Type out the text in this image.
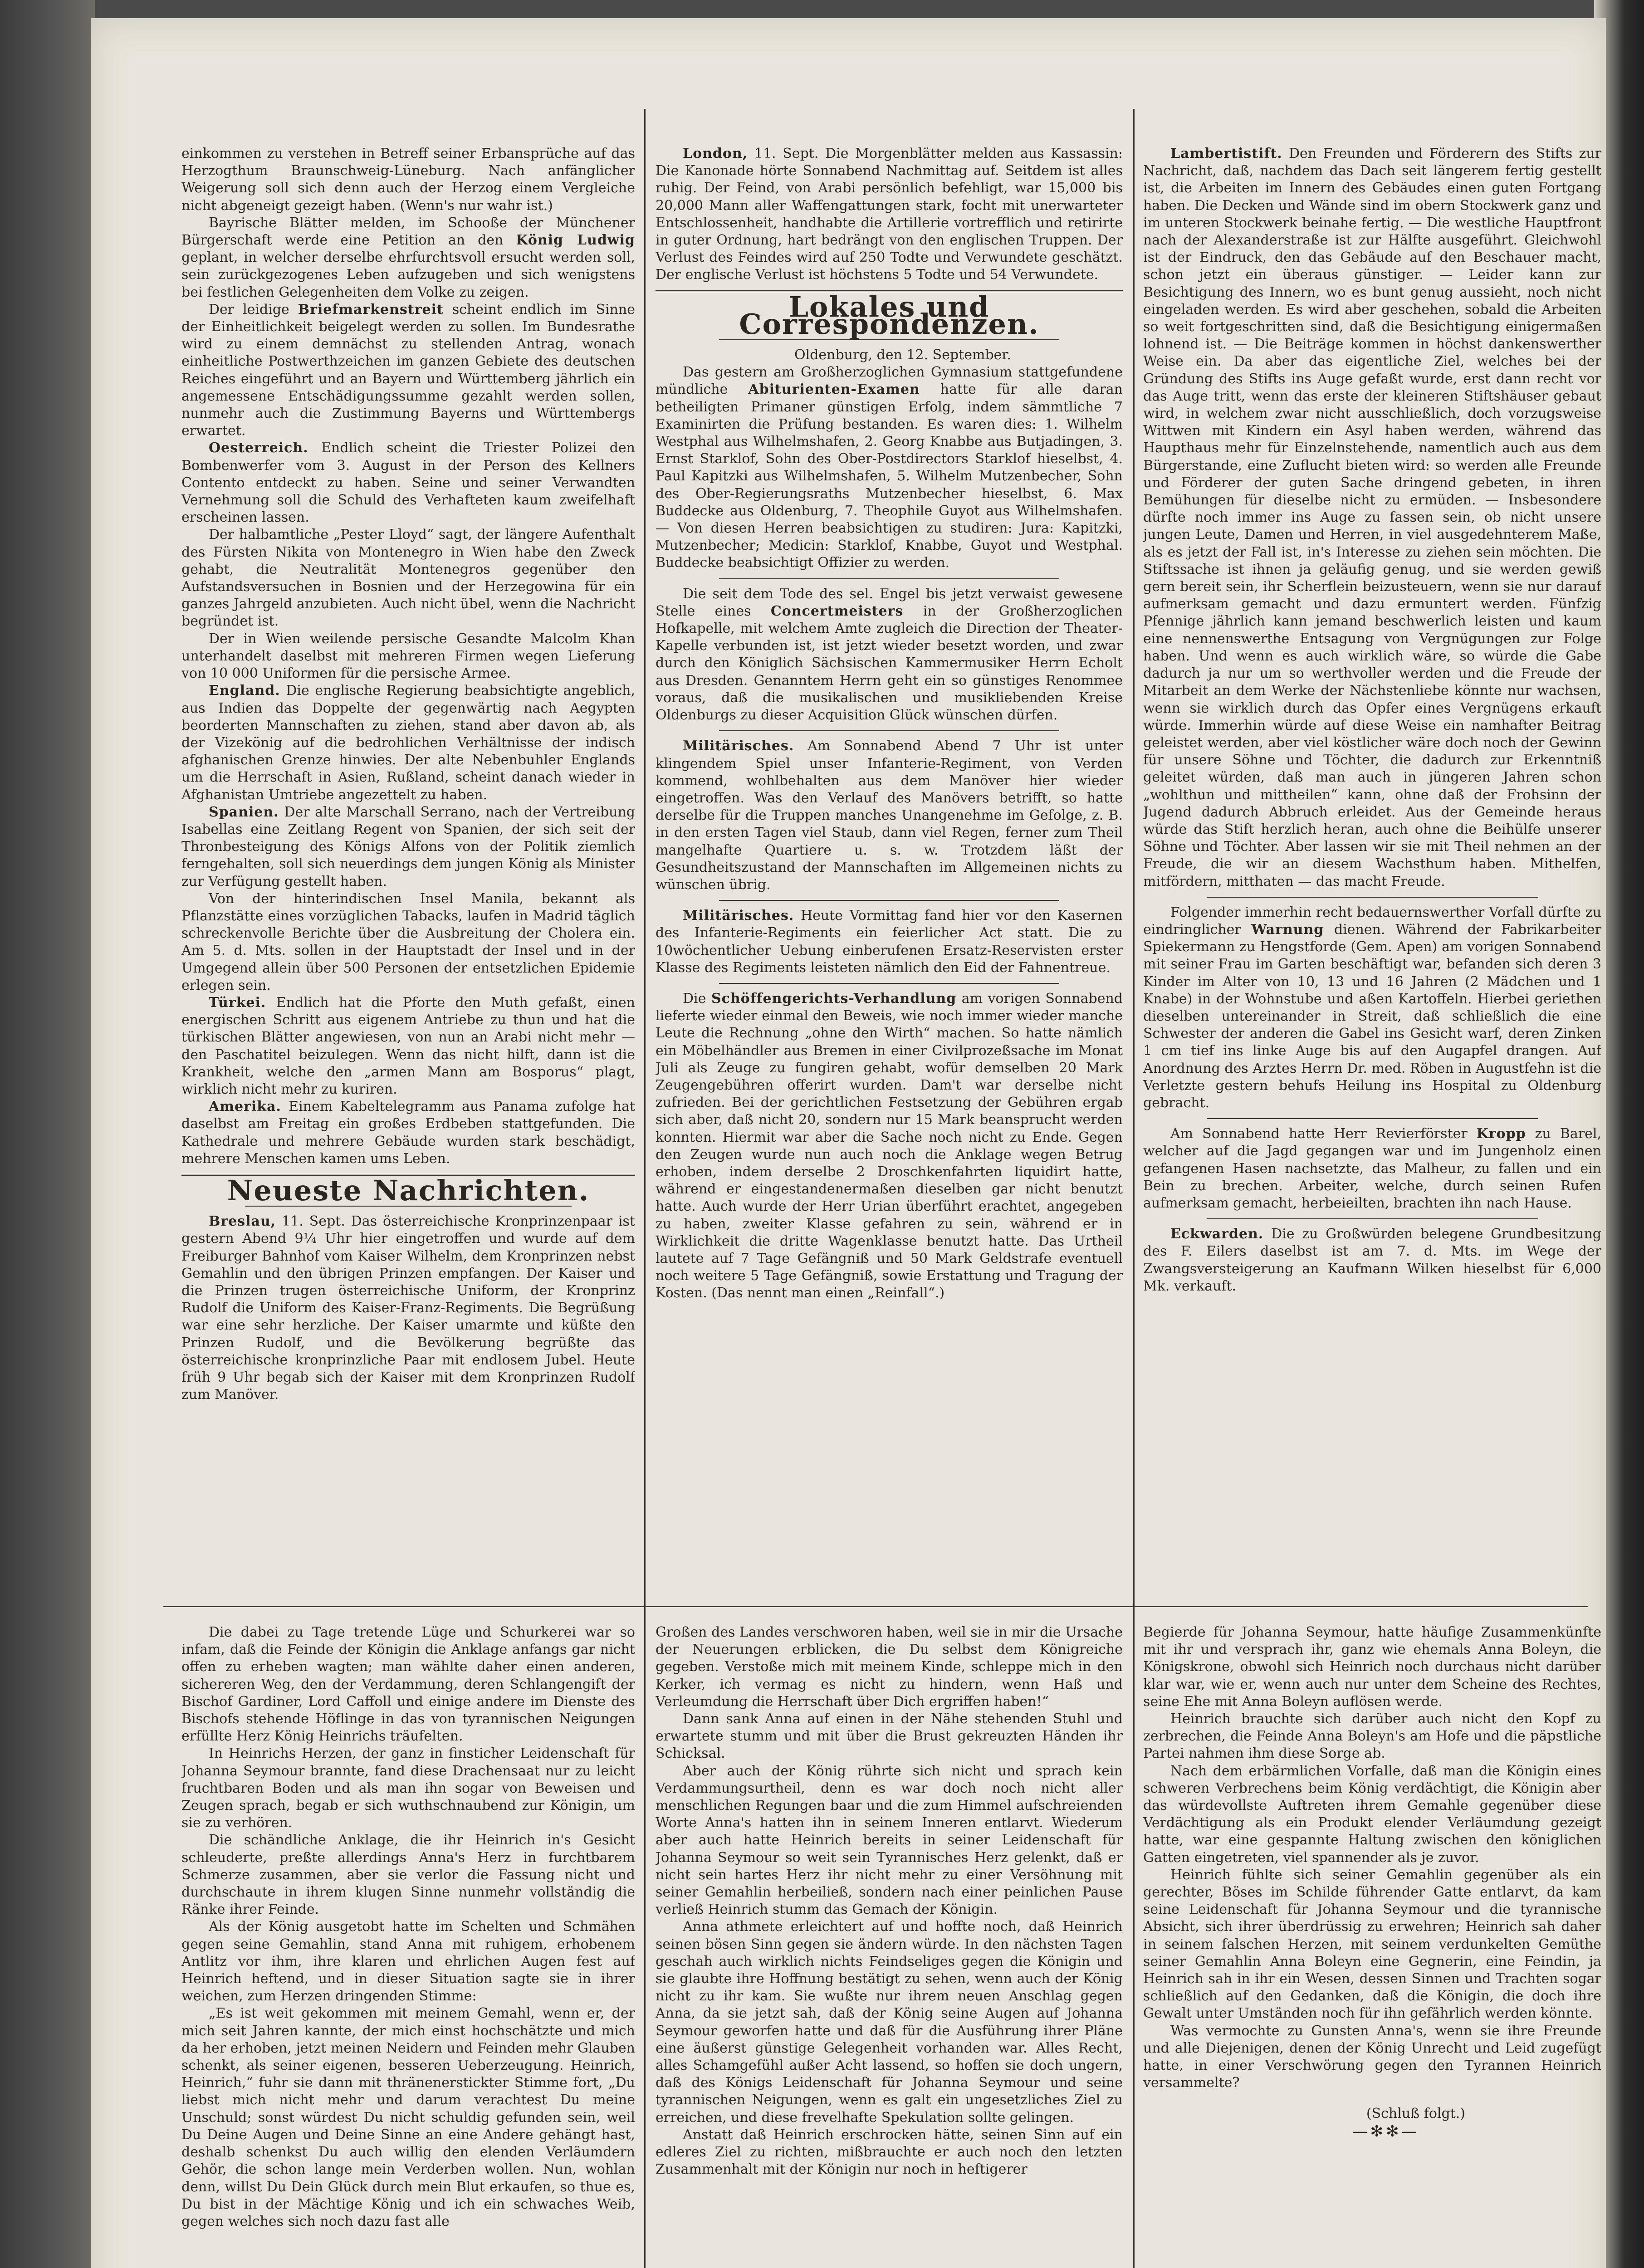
einkommen zu verstehen in Betreff seiner Erbansprüche auf das Herzogthum Braunschweig-Lüneburg. Nach anfänglicher Weigerung soll sich denn auch der Herzog einem Vergleiche nicht abgeneigt gezeigt haben. (Wenn's nur wahr ist.)

Bayrische Blätter melden, im Schooße der Münchener Bürgerschaft werde eine Petition an den König Ludwig geplant, in welcher derselbe ehrfurchtsvoll ersucht werden soll, sein zurückgezogenes Leben aufzugeben und sich wenigstens bei festlichen Gelegenheiten dem Volke zu zeigen.

Der leidige Briefmarkenstreit scheint endlich im Sinne der Einheitlichkeit beigelegt werden zu sollen. Im Bundesrathe wird zu einem demnächst zu stellenden Antrag, wonach einheitliche Postwerthzeichen im ganzen Gebiete des deutschen Reiches eingeführt und an Bayern und Württemberg jährlich ein angemessene Entschädigungssumme gezahlt werden sollen, nunmehr auch die Zustimmung Bayerns und Württembergs erwartet.

Oesterreich. Endlich scheint die Triester Polizei den Bombenwerfer vom 3. August in der Person des Kellners Contento entdeckt zu haben. Seine und seiner Verwandten Vernehmung soll die Schuld des Verhafteten kaum zweifelhaft erscheinen lassen.

Der halbamtliche „Pester Lloyd“ sagt, der längere Aufenthalt des Fürsten Nikita von Montenegro in Wien habe den Zweck gehabt, die Neutralität Montenegros gegenüber den Aufstandsversuchen in Bosnien und der Herzegowina für ein ganzes Jahrgeld anzubieten. Auch nicht übel, wenn die Nachricht begründet ist.

Der in Wien weilende persische Gesandte Malcolm Khan unterhandelt daselbst mit mehreren Firmen wegen Lieferung von 10 000 Uniformen für die persische Armee.

England. Die englische Regierung beabsichtigte angeblich, aus Indien das Doppelte der gegenwärtig nach Aegypten beorderten Mannschaften zu ziehen, stand aber davon ab, als der Vizekönig auf die bedrohlichen Verhältnisse der indisch afghanischen Grenze hinwies. Der alte Nebenbuhler Englands um die Herrschaft in Asien, Rußland, scheint danach wieder in Afghanistan Umtriebe angezettelt zu haben.

Spanien. Der alte Marschall Serrano, nach der Vertreibung Isabellas eine Zeitlang Regent von Spanien, der sich seit der Thronbesteigung des Königs Alfons von der Politik ziemlich ferngehalten, soll sich neuerdings dem jungen König als Minister zur Verfügung gestellt haben.

Von der hinterindischen Insel Manila, bekannt als Pflanzstätte eines vorzüglichen Tabacks, laufen in Madrid täglich schreckenvolle Berichte über die Ausbreitung der Cholera ein. Am 5. d. Mts. sollen in der Hauptstadt der Insel und in der Umgegend allein über 500 Personen der entsetzlichen Epidemie erlegen sein.

Türkei. Endlich hat die Pforte den Muth gefaßt, einen energischen Schritt aus eigenem Antriebe zu thun und hat die türkischen Blätter angewiesen, von nun an Arabi nicht mehr — den Paschatitel beizulegen. Wenn das nicht hilft, dann ist die Krankheit, welche den „armen Mann am Bosporus“ plagt, wirklich nicht mehr zu kuriren.

Amerika. Einem Kabeltelegramm aus Panama zufolge hat daselbst am Freitag ein großes Erdbeben stattgefunden. Die Kathedrale und mehrere Gebäude wurden stark beschädigt, mehrere Menschen kamen ums Leben.

Neueste Nachrichten.

Breslau, 11. Sept. Das österreichische Kronprinzenpaar ist gestern Abend 9¼ Uhr hier eingetroffen und wurde auf dem Freiburger Bahnhof vom Kaiser Wilhelm, dem Kronprinzen nebst Gemahlin und den übrigen Prinzen empfangen. Der Kaiser und die Prinzen trugen österreichische Uniform, der Kronprinz Rudolf die Uniform des Kaiser-Franz-Regiments. Die Begrüßung war eine sehr herzliche. Der Kaiser umarmte und küßte den Prinzen Rudolf, und die Bevölkerung begrüßte das österreichische kronprinzliche Paar mit endlosem Jubel. Heute früh 9 Uhr begab sich der Kaiser mit dem Kronprinzen Rudolf zum Manöver.

London, 11. Sept. Die Morgenblätter melden aus Kassassin: Die Kanonade hörte Sonnabend Nachmittag auf. Seitdem ist alles ruhig. Der Feind, von Arabi persönlich befehligt, war 15,000 bis 20,000 Mann aller Waffengattungen stark, focht mit unerwarteter Entschlossenheit, handhabte die Artillerie vortrefflich und retirirte in guter Ordnung, hart bedrängt von den englischen Truppen. Der Verlust des Feindes wird auf 250 Todte und Verwundete geschätzt. Der englische Verlust ist höchstens 5 Todte und 54 Verwundete.

Lokales und Correspondenzen.

Oldenburg, den 12. September.

Das gestern am Großherzoglichen Gymnasium stattgefundene mündliche Abiturienten-Examen hatte für alle daran betheiligten Primaner günstigen Erfolg, indem sämmtliche 7 Examinirten die Prüfung bestanden. Es waren dies: 1. Wilhelm Westphal aus Wilhelmshafen, 2. Georg Knabbe aus Butjadingen, 3. Ernst Starklof, Sohn des Ober-Postdirectors Starklof hieselbst, 4. Paul Kapitzki aus Wilhelmshafen, 5. Wilhelm Mutzenbecher, Sohn des Ober-Regierungsraths Mutzenbecher hieselbst, 6. Max Buddecke aus Oldenburg, 7. Theophile Guyot aus Wilhelmshafen. — Von diesen Herren beabsichtigen zu studiren: Jura: Kapitzki, Mutzenbecher; Medicin: Starklof, Knabbe, Guyot und Westphal. Buddecke beabsichtigt Offizier zu werden.

Die seit dem Tode des sel. Engel bis jetzt verwaist gewesene Stelle eines Concertmeisters in der Großherzoglichen Hofkapelle, mit welchem Amte zugleich die Direction der Theater-Kapelle verbunden ist, ist jetzt wieder besetzt worden, und zwar durch den Königlich Sächsischen Kammermusiker Herrn Echolt aus Dresden. Genanntem Herrn geht ein so günstiges Renommee voraus, daß die musikalischen und musikliebenden Kreise Oldenburgs zu dieser Acquisition Glück wünschen dürfen.

Militärisches. Am Sonnabend Abend 7 Uhr ist unter klingendem Spiel unser Infanterie-Regiment, von Verden kommend, wohlbehalten aus dem Manöver hier wieder eingetroffen. Was den Verlauf des Manövers betrifft, so hatte derselbe für die Truppen manches Unangenehme im Gefolge, z. B. in den ersten Tagen viel Staub, dann viel Regen, ferner zum Theil mangelhafte Quartiere u. s. w. Trotzdem läßt der Gesundheitszustand der Mannschaften im Allgemeinen nichts zu wünschen übrig.

Militärisches. Heute Vormittag fand hier vor den Kasernen des Infanterie-Regiments ein feierlicher Act statt. Die zu 10wöchentlicher Uebung einberufenen Ersatz-Reservisten erster Klasse des Regiments leisteten nämlich den Eid der Fahnentreue.

Die Schöffengerichts-Verhandlung am vorigen Sonnabend lieferte wieder einmal den Beweis, wie noch immer wieder manche Leute die Rechnung „ohne den Wirth“ machen. So hatte nämlich ein Möbelhändler aus Bremen in einer Civilprozeßsache im Monat Juli als Zeuge zu fungiren gehabt, wofür demselben 20 Mark Zeugengebühren offerirt wurden. Dam't war derselbe nicht zufrieden. Bei der gerichtlichen Festsetzung der Gebühren ergab sich aber, daß nicht 20, sondern nur 15 Mark beansprucht werden konnten. Hiermit war aber die Sache noch nicht zu Ende. Gegen den Zeugen wurde nun auch noch die Anklage wegen Betrug erhoben, indem derselbe 2 Droschkenfahrten liquidirt hatte, während er eingestandenermaßen dieselben gar nicht benutzt hatte. Auch wurde der Herr Urian überführt erachtet, angegeben zu haben, zweiter Klasse gefahren zu sein, während er in Wirklichkeit die dritte Wagenklasse benutzt hatte. Das Urtheil lautete auf 7 Tage Gefängniß und 50 Mark Geldstrafe eventuell noch weitere 5 Tage Gefängniß, sowie Erstattung und Tragung der Kosten. (Das nennt man einen „Reinfall“.)

Lambertistift. Den Freunden und Förderern des Stifts zur Nachricht, daß, nachdem das Dach seit längerem fertig gestellt ist, die Arbeiten im Innern des Gebäudes einen guten Fortgang haben. Die Decken und Wände sind im obern Stockwerk ganz und im unteren Stockwerk beinahe fertig. — Die westliche Hauptfront nach der Alexanderstraße ist zur Hälfte ausgeführt. Gleichwohl ist der Eindruck, den das Gebäude auf den Beschauer macht, schon jetzt ein überaus günstiger. — Leider kann zur Besichtigung des Innern, wo es bunt genug aussieht, noch nicht eingeladen werden. Es wird aber geschehen, sobald die Arbeiten so weit fortgeschritten sind, daß die Besichtigung einigermaßen lohnend ist. — Die Beiträge kommen in höchst dankenswerther Weise ein. Da aber das eigentliche Ziel, welches bei der Gründung des Stifts ins Auge gefaßt wurde, erst dann recht vor das Auge tritt, wenn das erste der kleineren Stiftshäuser gebaut wird, in welchem zwar nicht ausschließlich, doch vorzugsweise Wittwen mit Kindern ein Asyl haben werden, während das Haupthaus mehr für Einzelnstehende, namentlich auch aus dem Bürgerstande, eine Zuflucht bieten wird: so werden alle Freunde und Förderer der guten Sache dringend gebeten, in ihren Bemühungen für dieselbe nicht zu ermüden. — Insbesondere dürfte noch immer ins Auge zu fassen sein, ob nicht unsere jungen Leute, Damen und Herren, in viel ausgedehnterem Maße, als es jetzt der Fall ist, in's Interesse zu ziehen sein möchten. Die Stiftssache ist ihnen ja geläufig genug, und sie werden gewiß gern bereit sein, ihr Scherflein beizusteuern, wenn sie nur darauf aufmerksam gemacht und dazu ermuntert werden. Fünfzig Pfennige jährlich kann jemand beschwerlich leisten und kaum eine nennenswerthe Entsagung von Vergnügungen zur Folge haben. Und wenn es auch wirklich wäre, so würde die Gabe dadurch ja nur um so werthvoller werden und die Freude der Mitarbeit an dem Werke der Nächstenliebe könnte nur wachsen, wenn sie wirklich durch das Opfer eines Vergnügens erkauft würde. Immerhin würde auf diese Weise ein namhafter Beitrag geleistet werden, aber viel köstlicher wäre doch noch der Gewinn für unsere Söhne und Töchter, die dadurch zur Erkenntniß geleitet würden, daß man auch in jüngeren Jahren schon „wohlthun und mittheilen“ kann, ohne daß der Frohsinn der Jugend dadurch Abbruch erleidet. Aus der Gemeinde heraus würde das Stift herzlich heran, auch ohne die Beihülfe unserer Söhne und Töchter. Aber lassen wir sie mit Theil nehmen an der Freude, die wir an diesem Wachsthum haben. Mithelfen, mitfördern, mitthaten — das macht Freude.

Folgender immerhin recht bedauernswerther Vorfall dürfte zu eindringlicher Warnung dienen. Während der Fabrikarbeiter Spiekermann zu Hengstforde (Gem. Apen) am vorigen Sonnabend mit seiner Frau im Garten beschäftigt war, befanden sich deren 3 Kinder im Alter von 10, 13 und 16 Jahren (2 Mädchen und 1 Knabe) in der Wohnstube und aßen Kartoffeln. Hierbei geriethen dieselben untereinander in Streit, daß schließlich die eine Schwester der anderen die Gabel ins Gesicht warf, deren Zinken 1 cm tief ins linke Auge bis auf den Augapfel drangen. Auf Anordnung des Arztes Herrn Dr. med. Röben in Augustfehn ist die Verletzte gestern behufs Heilung ins Hospital zu Oldenburg gebracht.

Am Sonnabend hatte Herr Revierförster Kropp zu Barel, welcher auf die Jagd gegangen war und im Jungenholz einen gefangenen Hasen nachsetzte, das Malheur, zu fallen und ein Bein zu brechen. Arbeiter, welche, durch seinen Rufen aufmerksam gemacht, herbeieilten, brachten ihn nach Hause.

Eckwarden. Die zu Großwürden belegene Grundbesitzung des F. Eilers daselbst ist am 7. d. Mts. im Wege der Zwangsversteigerung an Kaufmann Wilken hieselbst für 6,000 Mk. verkauft.

Die dabei zu Tage tretende Lüge und Schurkerei war so infam, daß die Feinde der Königin die Anklage anfangs gar nicht offen zu erheben wagten; man wählte daher einen anderen, sichereren Weg, den der Verdammung, deren Schlangengift der Bischof Gardiner, Lord Caffoll und einige andere im Dienste des Bischofs stehende Höflinge in das von tyrannischen Neigungen erfüllte Herz König Heinrichs träufelten.

In Heinrichs Herzen, der ganz in finsticher Leidenschaft für Johanna Seymour brannte, fand diese Drachensaat nur zu leicht fruchtbaren Boden und als man ihn sogar von Beweisen und Zeugen sprach, begab er sich wuthschnaubend zur Königin, um sie zu verhören.

Die schändliche Anklage, die ihr Heinrich in's Gesicht schleuderte, preßte allerdings Anna's Herz in furchtbarem Schmerze zusammen, aber sie verlor die Fassung nicht und durchschaute in ihrem klugen Sinne nunmehr vollständig die Ränke ihrer Feinde.

Als der König ausgetobt hatte im Schelten und Schmähen gegen seine Gemahlin, stand Anna mit ruhigem, erhobenem Antlitz vor ihm, ihre klaren und ehrlichen Augen fest auf Heinrich heftend, und in dieser Situation sagte sie in ihrer weichen, zum Herzen dringenden Stimme:

„Es ist weit gekommen mit meinem Gemahl, wenn er, der mich seit Jahren kannte, der mich einst hochschätzte und mich da her erhoben, jetzt meinen Neidern und Feinden mehr Glauben schenkt, als seiner eigenen, besseren Ueberzeugung. Heinrich, Heinrich,“ fuhr sie dann mit thränenerstickter Stimme fort, „Du liebst mich nicht mehr und darum verachtest Du meine Unschuld; sonst würdest Du nicht schuldig gefunden sein, weil Du Deine Augen und Deine Sinne an eine Andere gehängt hast, deshalb schenkst Du auch willig den elenden Verläumdern Gehör, die schon lange mein Verderben wollen. Nun, wohlan denn, willst Du Dein Glück durch mein Blut erkaufen, so thue es, Du bist in der Mächtige König und ich ein schwaches Weib, gegen welches sich noch dazu fast alle

Großen des Landes verschworen haben, weil sie in mir die Ursache der Neuerungen erblicken, die Du selbst dem Königreiche gegeben. Verstoße mich mit meinem Kinde, schleppe mich in den Kerker, ich vermag es nicht zu hindern, wenn Haß und Verleumdung die Herrschaft über Dich ergriffen haben!“

Dann sank Anna auf einen in der Nähe stehenden Stuhl und erwartete stumm und mit über die Brust gekreuzten Händen ihr Schicksal.

Aber auch der König rührte sich nicht und sprach kein Verdammungsurtheil, denn es war doch noch nicht aller menschlichen Regungen baar und die zum Himmel aufschreienden Worte Anna's hatten ihn in seinem Inneren entlarvt. Wiederum aber auch hatte Heinrich bereits in seiner Leidenschaft für Johanna Seymour so weit sein Tyrannisches Herz gelenkt, daß er nicht sein hartes Herz ihr nicht mehr zu einer Versöhnung mit seiner Gemahlin herbeiließ, sondern nach einer peinlichen Pause verließ Heinrich stumm das Gemach der Königin.

Anna athmete erleichtert auf und hoffte noch, daß Heinrich seinen bösen Sinn gegen sie ändern würde. In den nächsten Tagen geschah auch wirklich nichts Feindseliges gegen die Königin und sie glaubte ihre Hoffnung bestätigt zu sehen, wenn auch der König nicht zu ihr kam. Sie wußte nur ihrem neuen Anschlag gegen Anna, da sie jetzt sah, daß der König seine Augen auf Johanna Seymour geworfen hatte und daß für die Ausführung ihrer Pläne eine äußerst günstige Gelegenheit vorhanden war. Alles Recht, alles Schamgefühl außer Acht lassend, so hoffen sie doch ungern, daß des Königs Leidenschaft für Johanna Seymour und seine tyrannischen Neigungen, wenn es galt ein ungesetzliches Ziel zu erreichen, und diese frevelhafte Spekulation sollte gelingen.

Anstatt daß Heinrich erschrocken hätte, seinen Sinn auf ein edleres Ziel zu richten, mißbrauchte er auch noch den letzten Zusammenhalt mit der Königin nur noch in heftigerer

Begierde für Johanna Seymour, hatte häufige Zusammenkünfte mit ihr und versprach ihr, ganz wie ehemals Anna Boleyn, die Königskrone, obwohl sich Heinrich noch durchaus nicht darüber klar war, wie er, wenn auch nur unter dem Scheine des Rechtes, seine Ehe mit Anna Boleyn auflösen werde.

Heinrich brauchte sich darüber auch nicht den Kopf zu zerbrechen, die Feinde Anna Boleyn's am Hofe und die päpstliche Partei nahmen ihm diese Sorge ab.

Nach dem erbärmlichen Vorfalle, daß man die Königin eines schweren Verbrechens beim König verdächtigt, die Königin aber das würdevollste Auftreten ihrem Gemahle gegenüber diese Verdächtigung als ein Produkt elender Verläumdung gezeigt hatte, war eine gespannte Haltung zwischen den königlichen Gatten eingetreten, viel spannender als je zuvor.

Heinrich fühlte sich seiner Gemahlin gegenüber als ein gerechter, Böses im Schilde führender Gatte entlarvt, da kam seine Leidenschaft für Johanna Seymour und die tyrannische Absicht, sich ihrer überdrüssig zu erwehren; Heinrich sah daher in seinem falschen Herzen, mit seinem verdunkelten Gemüthe seiner Gemahlin Anna Boleyn eine Gegnerin, eine Feindin, ja Heinrich sah in ihr ein Wesen, dessen Sinnen und Trachten sogar schließlich auf den Gedanken, daß die Königin, die doch ihre Gewalt unter Umständen noch für ihn gefährlich werden könnte.

Was vermochte zu Gunsten Anna's, wenn sie ihre Freunde und alle Diejenigen, denen der König Unrecht und Leid zugefügt hatte, in einer Verschwörung gegen den Tyrannen Heinrich versammelte?

(Schluß folgt.)

—✻✻—
